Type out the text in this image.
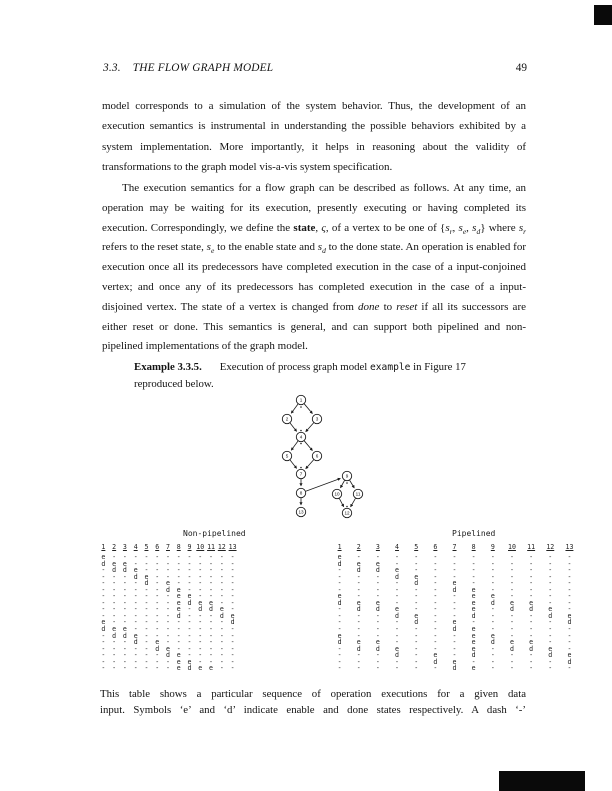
3.3. THE FLOW GRAPH MODEL	49
model corresponds to a simulation of the system behavior. Thus, the development of an execution semantics is instrumental in understanding the possible behaviors exhibited by a system implementation. More importantly, it helps in reasoning about the validity of transformations to the graph model vis-a-vis system specification.
The execution semantics for a flow graph can be described as follows. At any time, an operation may be waiting for its execution, presently executing or having completed its execution. Correspondingly, we define the state, ς, of a vertex to be one of {$s_r$, $s_e$, $s_d$} where $s_r$ refers to the reset state, $s_e$ to the enable state and $s_d$ to the done state. An operation is enabled for execution once all its predecessors have completed execution in the case of a input-conjoined vertex; and once any of its predecessors has completed execution in the case of a input-disjoined vertex. The state of a vertex is changed from done to reset if all its successors are either reset or done. This semantics is general, and can support both pipelined and non-pipelined implementations of the graph model.
Example 3.3.5. Execution of process graph model example in Figure 17
reproduced below.
1
2	3
4
5	6
7
8
13
9
10	11
12
Non-pipelined	Pipelined
1 2 3 4 5 6 7 8 9 10 11 12 13
e - - - - - - - - - - - -
d e e - - - - - - - - - -
- d d e - - - - - - - - -
- - - d e - - - - - - - -
- - - - d - e - - - - - -
- - - - - - d e - - - - -
- - - - - - - e e - - - -
- - - - - - - e d e e - -
- - - - - - - e - d d e -
- - - - - - - d - - - d e
e - - - - - - - - - - - d
d e e - - - - - - - - - -
- d d e - - - - - - - - -
- - - d - e - - - - - - -
- - - - - d e - - - - - -
- - - - - - d e - - - - -
- - - - - - - e e - - - -
- - - - - - - e d e e - -
1 2 3 4 5 6 7 8 9 10 11 12 13
e - - - - - - - - - - - -
d e e - - - - - - - - - -
- d d e - - - - - - - - -
- - - d e - - - - - - - -
- - - - d - e - - - - - -
- - - - - - d e - - - - -
e - - - - - - e e - - - -
d e e - - - - e d e e - -
- d d e - - - e - d d e -
- - - d e - - d - - - d e
- - - - d - e - - - - - d
- - - - - - d e - - - - -
e - - - - - - e e - - - -
d e e - - - - e d e e - -
- d d e - - - e - d d e -
- - - d - e - d - - - d e
- - - - - d e - - - - - d
- - - - - - d e - - - - -
This table shows a particular sequence of operation executions for a given data
input. Symbols ‘e’ and ‘d’ indicate enable and done states respectively. A dash ‘-’
